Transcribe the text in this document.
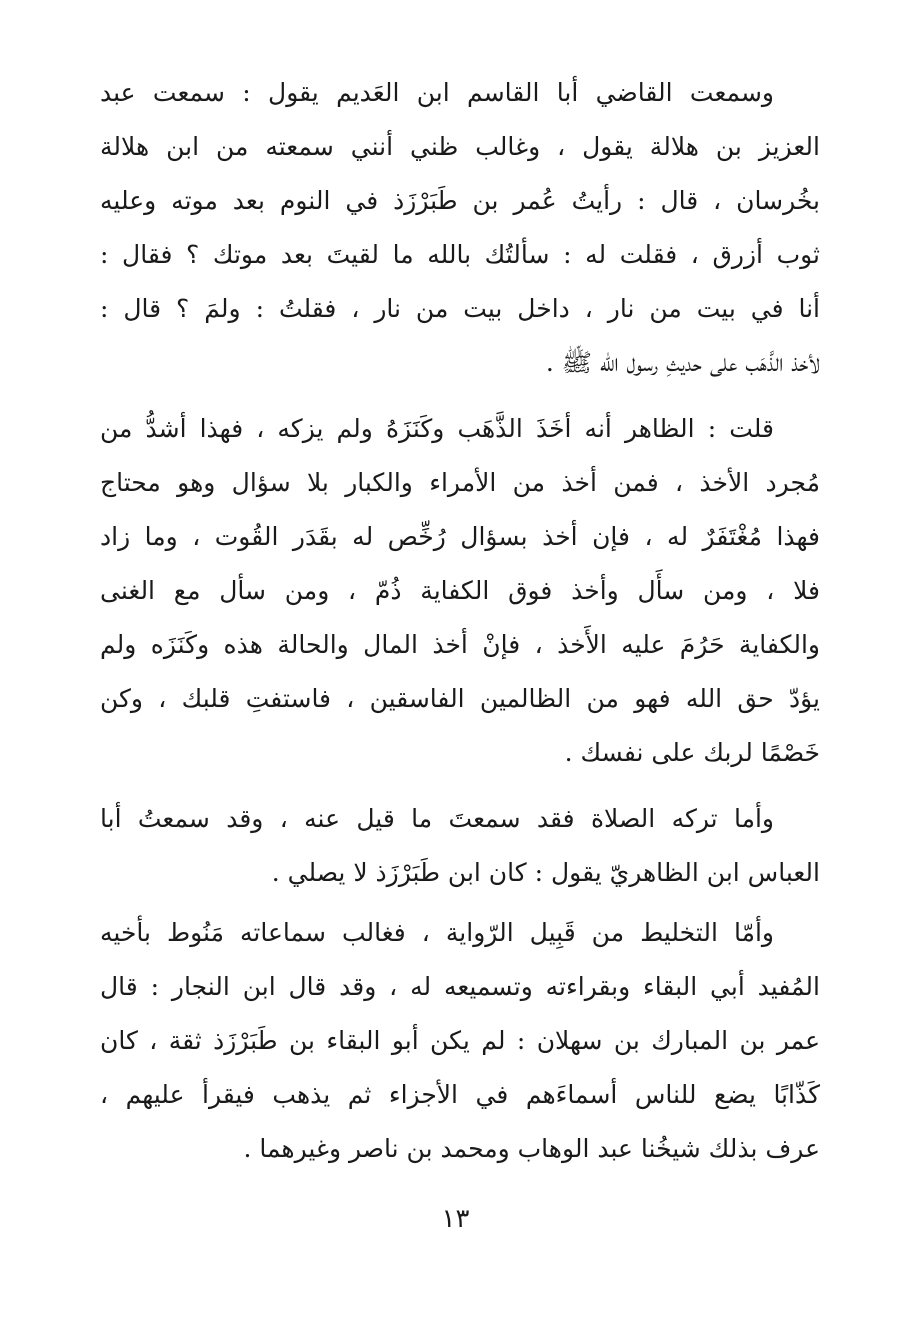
وسمعت القاضي أبا القاسم ابن العَديم يقول : سمعت عبد
العزيز بن هلالة يقول ، وغالب ظني أنني سمعته من ابن هلالة
بخُرسان ، قال : رأيتُ عُمر بن طَبَرْزَذ في النوم بعد موته وعليه
ثوب أزرق ، فقلت له : سألتُك بالله ما لقيتَ بعد موتك ؟ فقال :
أنا في بيت من نار ، داخل بيت من نار ، فقلتُ : ولمَ ؟ قال :
لأخذ الذَّهَب على حديثِ رسول الله ﷺ .
قلت : الظاهر أنه أخَذَ الذَّهَب وكَنَزَهُ ولم يزكه ، فهذا أشدُّ من
مُجرد الأخذ ، فمن أخذ من الأمراء والكبار بلا سؤال وهو محتاج
فهذا مُغْتَفَرٌ له ، فإن أخذ بسؤال رُخِّص له بقَدَر القُوت ، وما زاد
فلا ، ومن سأَل وأخذ فوق الكفاية ذُمّ ، ومن سأل مع الغنى
والكفاية حَرُمَ عليه الأَخذ ، فإنْ أخذ المال والحالة هذه وكَنَزَه ولم
يؤدّ حق الله فهو من الظالمين الفاسقين ، فاستفتِ قلبك ، وكن
خَصْمًا لربك على نفسك .
وأما تركه الصلاة فقد سمعتَ ما قيل عنه ، وقد سمعتُ أبا
العباس ابن الظاهريّ يقول : كان ابن طَبَرْزَذ لا يصلي .
وأمّا التخليط من قَبِيل الرّواية ، فغالب سماعاته مَنُوط بأخيه
المُفيد أبي البقاء وبقراءته وتسميعه له ، وقد قال ابن النجار : قال
عمر بن المبارك بن سهلان : لم يكن أبو البقاء بن طَبَرْزَذ ثقة ، كان
كَذّابًا يضع للناس أسماءَهم في الأجزاء ثم يذهب فيقرأ عليهم ،
عرف بذلك شيخُنا عبد الوهاب ومحمد بن ناصر وغيرهما .
١٣
